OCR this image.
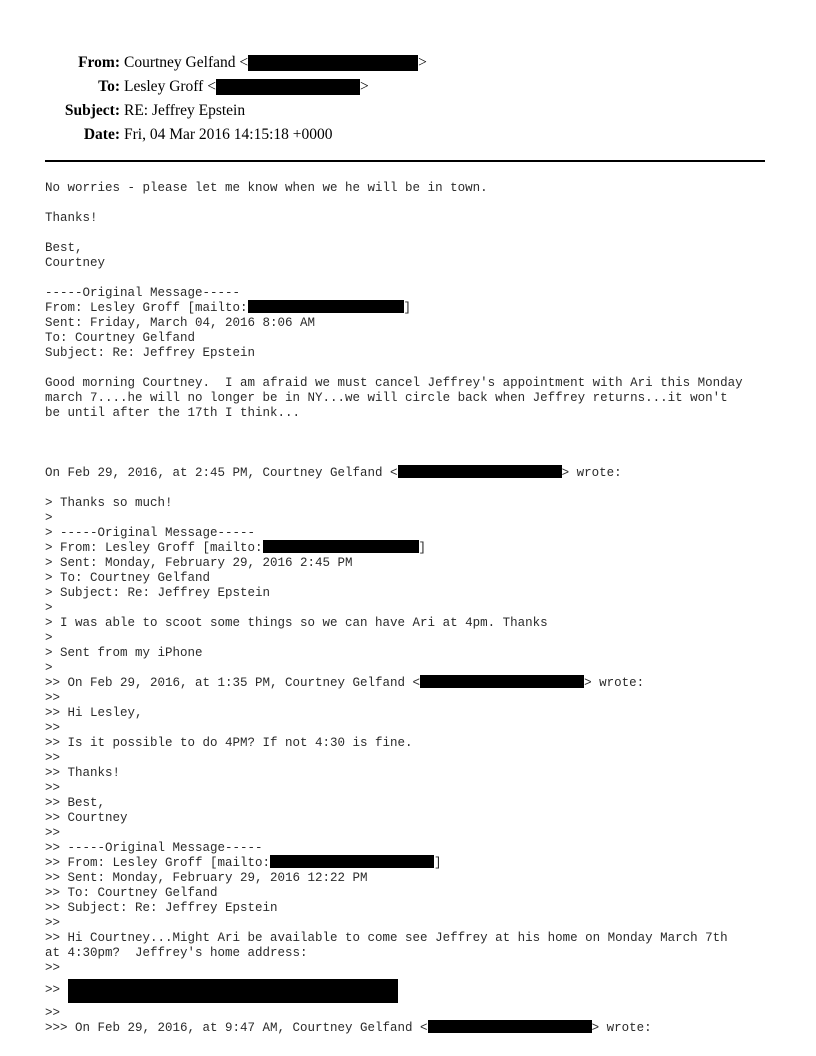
From: Courtney Gelfand <	>
To: Lesley Groff <	>
Subject: RE: Jeffrey Epstein
Date: Fri, 04 Mar 2016 14:15:18 +0000
No worries - please let me know when we he will be in town.
Thanks!
Best,
Courtney
-----Original Message-----
From: Lesley Groff [mailto:	]
Sent: Friday, March 04, 2016 8:06 AM
To: Courtney Gelfand
Subject: Re: Jeffrey Epstein
Good morning Courtney.  I am afraid we must cancel Jeffrey's appointment with Ari this Monday
march 7....he will no longer be in NY...we will circle back when Jeffrey returns...it won't
be until after the 17th I think...
On Feb 29, 2016, at 2:45 PM, Courtney Gelfand <	> wrote:
> Thanks so much!
>
> -----Original Message-----
> From: Lesley Groff [mailto:	]
> Sent: Monday, February 29, 2016 2:45 PM
> To: Courtney Gelfand
> Subject: Re: Jeffrey Epstein
>
> I was able to scoot some things so we can have Ari at 4pm. Thanks
>
> Sent from my iPhone
>
>> On Feb 29, 2016, at 1:35 PM, Courtney Gelfand <	> wrote:
>>
>> Hi Lesley,
>>
>> Is it possible to do 4PM? If not 4:30 is fine.
>>
>> Thanks!
>>
>> Best,
>> Courtney
>>
>> -----Original Message-----
>> From: Lesley Groff [mailto:	]
>> Sent: Monday, February 29, 2016 12:22 PM
>> To: Courtney Gelfand
>> Subject: Re: Jeffrey Epstein
>>
>> Hi Courtney...Might Ari be available to come see Jeffrey at his home on Monday March 7th
at 4:30pm?  Jeffrey's home address:
>>
>>
>>
>>> On Feb 29, 2016, at 9:47 AM, Courtney Gelfand <	> wrote:
